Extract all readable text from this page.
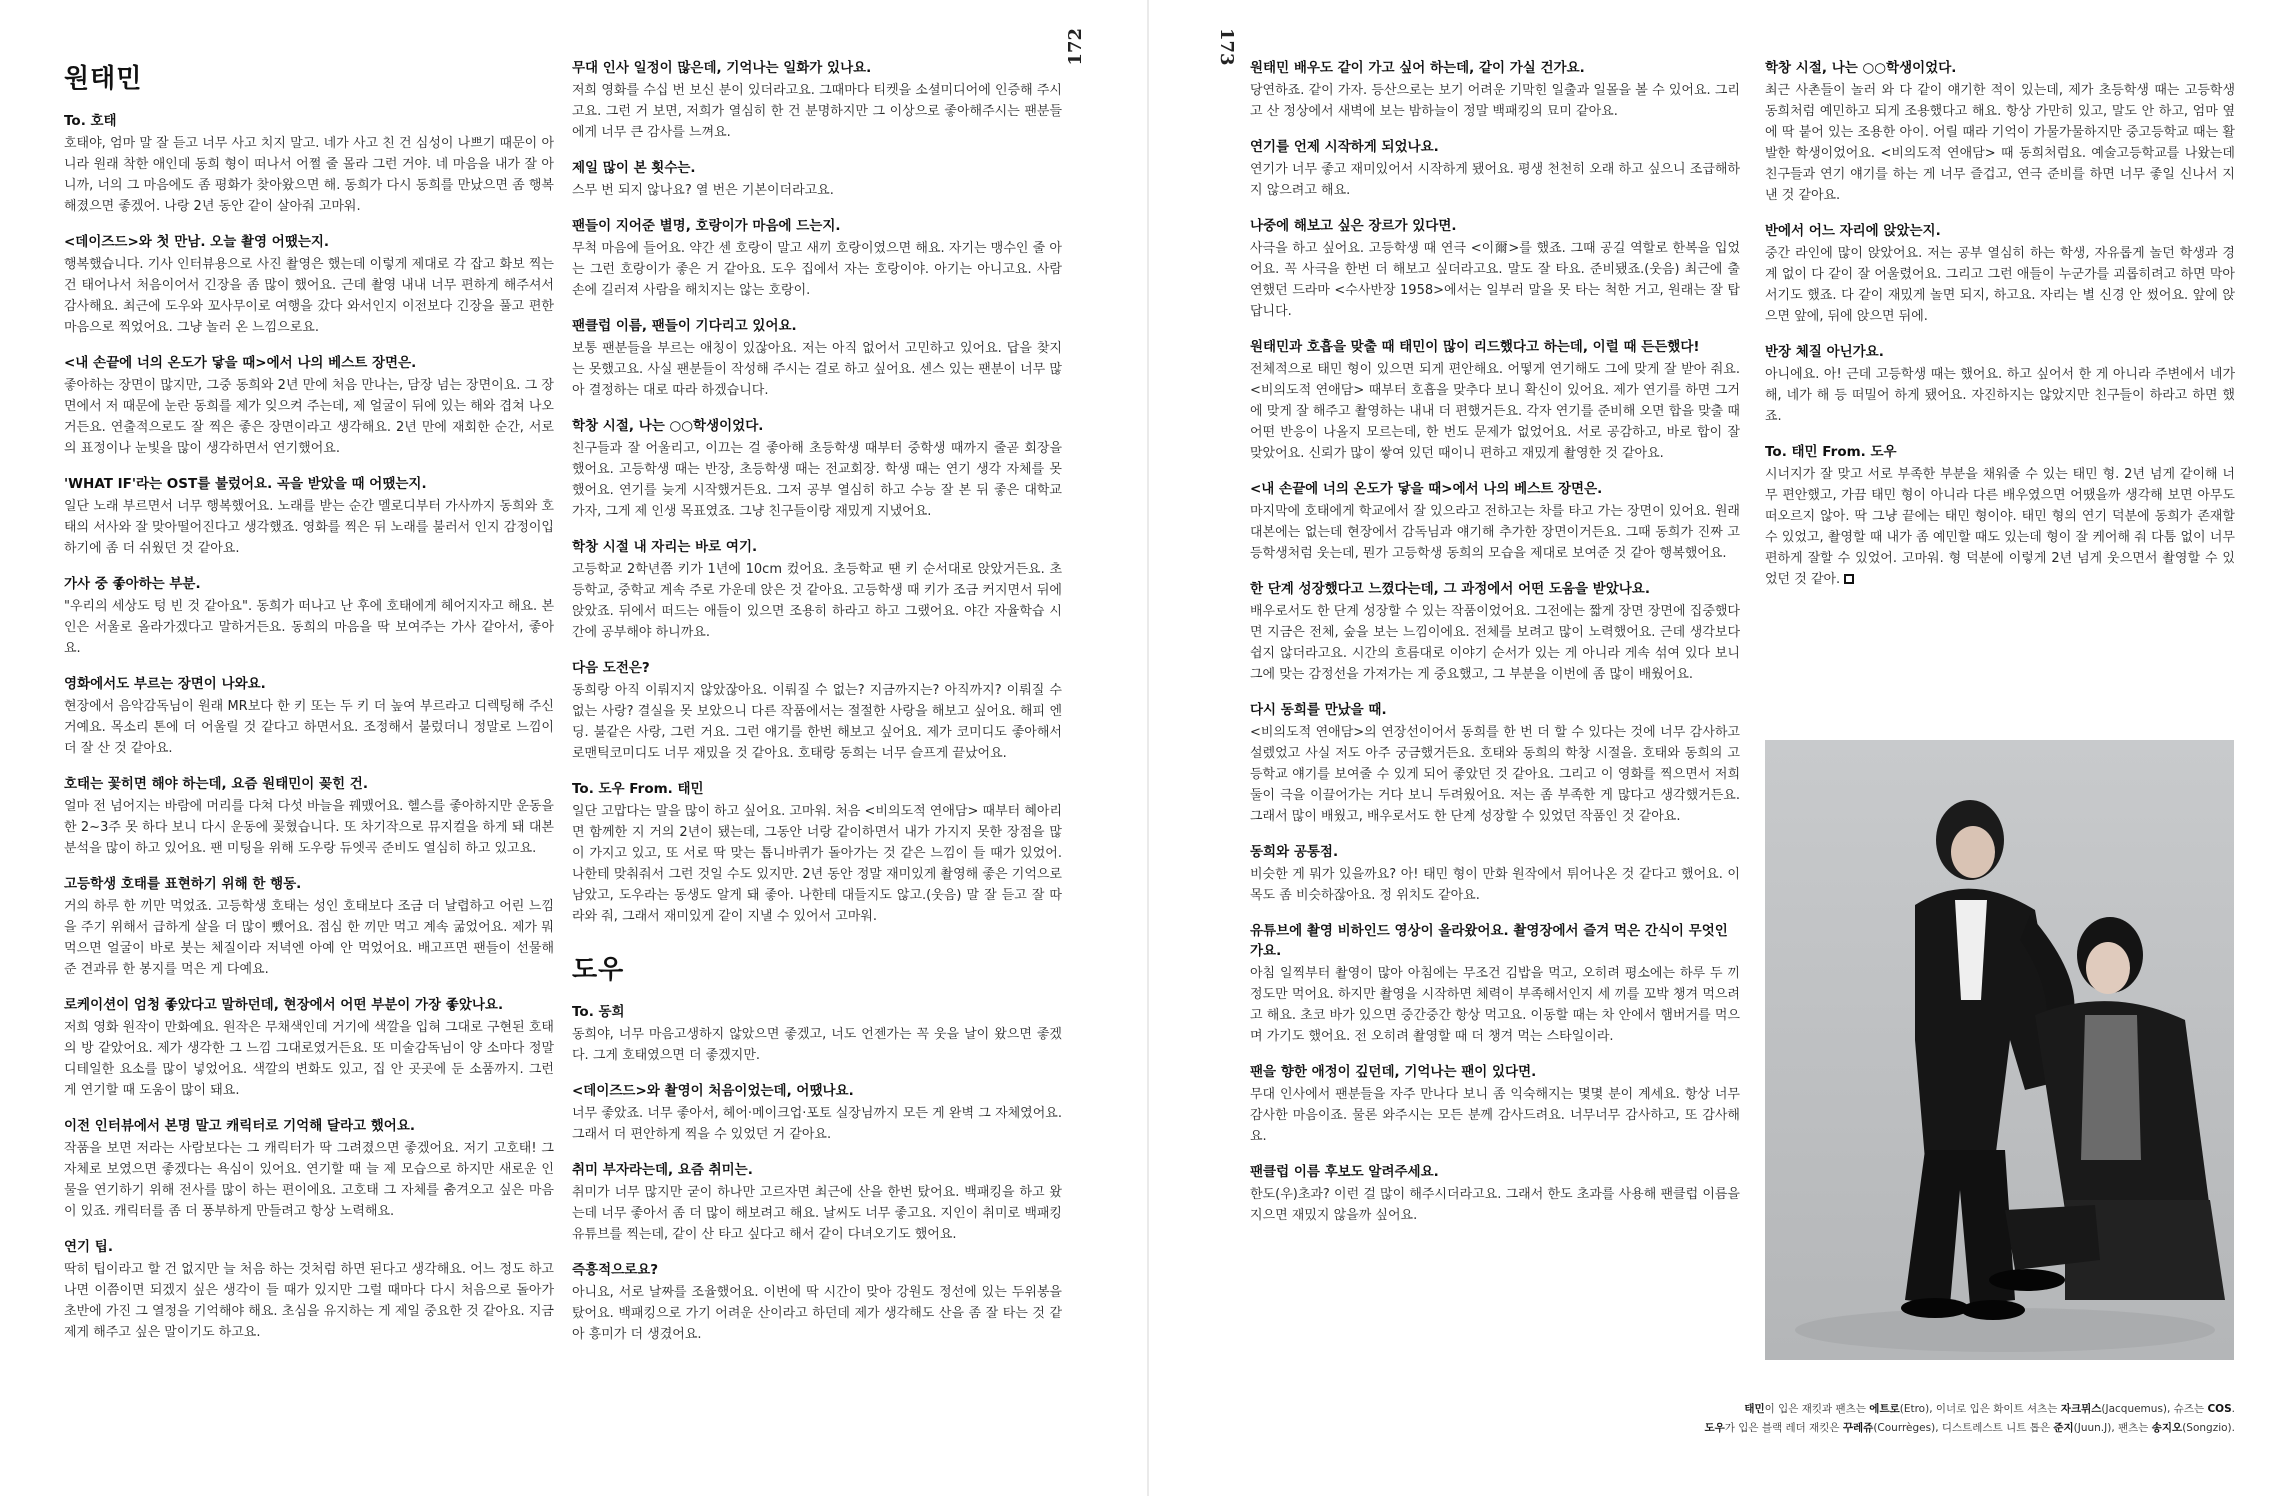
172	173
원태민
To. 호태
호태야, 엄마 말 잘 듣고 너무 사고 치지 말고. 네가 사고 친 건 심성이 나쁘기 때문이 아니라 원래 착한 애인데 동희 형이 떠나서 어쩔 줄 몰라 그런 거야. 네 마음을 내가 잘 아니까, 너의 그 마음에도 좀 평화가 찾아왔으면 해. 동희가 다시 동희를 만났으면 좀 행복해졌으면 좋겠어. 나랑 2년 동안 같이 살아줘 고마워.
<데이즈드>와 첫 만남. 오늘 촬영 어땠는지.
행복했습니다. 기사 인터뷰용으로 사진 촬영은 했는데 이렇게 제대로 각 잡고 화보 찍는 건 태어나서 처음이어서 긴장을 좀 많이 했어요. 근데 촬영 내내 너무 편하게 해주셔서 감사해요. 최근에 도우와 꼬사무이로 여행을 갔다 와서인지 이전보다 긴장을 풀고 편한 마음으로 찍었어요. 그냥 놀러 온 느낌으로요.
<내 손끝에 너의 온도가 닿을 때>에서 나의 베스트 장면은.
좋아하는 장면이 많지만, 그중 동희와 2년 만에 처음 만나는, 담장 넘는 장면이요. 그 장면에서 저 때문에 눈란 동희를 제가 잊으켜 주는데, 제 얼굴이 뒤에 있는 해와 겹쳐 나오거든요. 연출적으로도 잘 찍은 좋은 장면이라고 생각해요. 2년 만에 재회한 순간, 서로의 표정이나 눈빛을 많이 생각하면서 연기했어요.
'WHAT IF'라는 OST를 불렀어요. 곡을 받았을 때 어땠는지.
일단 노래 부르면서 너무 행복했어요. 노래를 받는 순간 멜로디부터 가사까지 동희와 호태의 서사와 잘 맞아떨어진다고 생각했죠. 영화를 찍은 뒤 노래를 불러서 인지 감정이입하기에 좀 더 쉬웠던 것 같아요.
가사 중 좋아하는 부분.
"우리의 세상도 텅 빈 것 같아요". 동희가 떠나고 난 후에 호태에게 헤어지자고 해요. 본인은 서울로 올라가겠다고 말하거든요. 동희의 마음을 딱 보여주는 가사 같아서, 좋아요.
영화에서도 부르는 장면이 나와요.
현장에서 음악감독님이 원래 MR보다 한 키 또는 두 키 더 높여 부르라고 디렉팅해 주신 거예요. 목소리 톤에 더 어울릴 것 같다고 하면서요. 조정해서 불렀더니 정말로 느낌이 더 잘 산 것 같아요.
호태는 꽃히면 해야 하는데, 요즘 원태민이 꽂힌 건.
얼마 전 넘어지는 바람에 머리를 다쳐 다섯 바늘을 꿰맸어요. 헬스를 좋아하지만 운동을 한 2~3주 못 하다 보니 다시 운동에 꽂혔습니다. 또 차기작으로 뮤지컬을 하게 돼 대본 분석을 많이 하고 있어요. 팬 미팅을 위해 도우랑 듀엣곡 준비도 열심히 하고 있고요.
고등학생 호태를 표현하기 위해 한 행동.
거의 하루 한 끼만 먹었죠. 고등학생 호태는 성인 호태보다 조금 더 날렵하고 어린 느낌을 주기 위해서 급하게 살을 더 많이 뺐어요. 점심 한 끼만 먹고 계속 굶었어요. 제가 뭐 먹으면 얼굴이 바로 붓는 체질이라 저녁엔 아예 안 먹었어요. 배고프면 팬들이 선물해 준 견과류 한 봉지를 먹은 게 다예요.
로케이션이 엄청 좋았다고 말하던데, 현장에서 어떤 부분이 가장 좋았나요.
저희 영화 원작이 만화예요. 원작은 무채색인데 거기에 색깔을 입혀 그대로 구현된 호태의 방 같았어요. 제가 생각한 그 느낌 그대로였거든요. 또 미술감독님이 양 소마다 정말 디테일한 요소를 많이 넣었어요. 색깔의 변화도 있고, 집 안 곳곳에 둔 소품까지. 그런 게 연기할 때 도움이 많이 돼요.
이전 인터뷰에서 본명 말고 캐릭터로 기억해 달라고 했어요.
작품을 보면 저라는 사람보다는 그 캐릭터가 딱 그려졌으면 좋겠어요. 저기 고호태! 그 자체로 보였으면 좋겠다는 욕심이 있어요. 연기할 때 늘 제 모습으로 하지만 새로운 인물을 연기하기 위해 전사를 많이 하는 편이에요. 고호태 그 자체를 춤겨오고 싶은 마음이 있죠. 캐릭터를 좀 더 풍부하게 만들려고 항상 노력해요.
연기 팁.
딱히 팁이라고 할 건 없지만 늘 처음 하는 것처럼 하면 된다고 생각해요. 어느 정도 하고 나면 이쯤이면 되겠지 싶은 생각이 들 때가 있지만 그럴 때마다 다시 처음으로 돌아가 초반에 가진 그 열정을 기억해야 해요. 초심을 유지하는 게 제일 중요한 것 같아요. 지금 제게 해주고 싶은 말이기도 하고요.
무대 인사 일정이 많은데, 기억나는 일화가 있나요.
저희 영화를 수십 번 보신 분이 있더라고요. 그때마다 티켓을 소셜미디어에 인증해 주시고요. 그런 거 보면, 저희가 열심히 한 건 분명하지만 그 이상으로 좋아해주시는 팬분들에게 너무 큰 감사를 느껴요.
제일 많이 본 횟수는.
스무 번 되지 않나요? 열 번은 기본이더라고요.
팬들이 지어준 별명, 호랑이가 마음에 드는지.
무척 마음에 들어요. 약간 센 호랑이 말고 새끼 호랑이였으면 해요. 자기는 맹수인 줄 아는 그런 호랑이가 좋은 거 같아요. 도우 집에서 자는 호랑이야. 아기는 아니고요. 사람 손에 길러져 사람을 해치지는 않는 호랑이.
팬클럽 이름, 팬들이 기다리고 있어요.
보통 팬분들을 부르는 애칭이 있잖아요. 저는 아직 없어서 고민하고 있어요. 답을 찾지는 못했고요. 사실 팬분들이 작성해 주시는 걸로 하고 싶어요. 센스 있는 팬분이 너무 많아 결정하는 대로 따라 하겠습니다.
학창 시절, 나는 ○○학생이었다.
친구들과 잘 어울리고, 이끄는 걸 좋아해 초등학생 때부터 중학생 때까지 줄곧 회장을 했어요. 고등학생 때는 반장, 초등학생 때는 전교회장. 학생 때는 연기 생각 자체를 못 했어요. 연기를 늦게 시작했거든요. 그저 공부 열심히 하고 수능 잘 본 뒤 좋은 대학교 가자, 그게 제 인생 목표였죠. 그냥 친구들이랑 재밌게 지냈어요.
학창 시절 내 자리는 바로 여기.
고등학교 2학년쯤 키가 1년에 10cm 컸어요. 초등학교 땐 키 순서대로 앉았거든요. 초등학교, 중학교 계속 주로 가운데 앉은 것 같아요. 고등학생 때 키가 조금 커지면서 뒤에 앉았죠. 뒤에서 떠드는 애들이 있으면 조용히 하라고 하고 그랬어요. 야간 자율학습 시간에 공부해야 하니까요.
다음 도전은?
동희랑 아직 이뤄지지 않았잖아요. 이뤄질 수 없는? 지금까지는? 아직까지? 이뤄질 수 없는 사랑? 결실을 못 보았으니 다른 작품에서는 절절한 사랑을 해보고 싶어요. 해피 엔딩. 불같은 사랑, 그런 거요. 그런 얘기를 한번 해보고 싶어요. 제가 코미디도 좋아해서 로맨틱코미디도 너무 재밌을 것 같아요. 호태랑 동희는 너무 슬프게 끝났어요.
To. 도우 From. 태민
일단 고맙다는 말을 많이 하고 싶어요. 고마워. 처음 <비의도적 연애담> 때부터 혜아리면 함께한 지 거의 2년이 됐는데, 그동안 너랑 같이하면서 내가 가지지 못한 장점을 많이 가지고 있고, 또 서로 딱 맞는 톱니바퀴가 돌아가는 것 같은 느낌이 들 때가 있었어. 나한테 맞춰줘서 그런 것일 수도 있지만. 2년 동안 정말 재미있게 촬영해 좋은 기억으로 남았고, 도우라는 동생도 알게 돼 좋아. 나한테 대들지도 않고.(웃음) 말 잘 듣고 잘 따라와 줘, 그래서 재미있게 같이 지낼 수 있어서 고마워.
도우
To. 동희
동희야, 너무 마음고생하지 않았으면 좋겠고, 너도 언젠가는 꼭 웃을 날이 왔으면 좋겠다. 그게 호태였으면 더 좋겠지만.
<데이즈드>와 촬영이 처음이었는데, 어땠나요.
너무 좋았죠. 너무 좋아서, 헤어·메이크업·포토 실장님까지 모든 게 완벽 그 자체였어요. 그래서 더 편안하게 찍을 수 있었던 거 같아요.
취미 부자라는데, 요즘 취미는.
취미가 너무 많지만 굳이 하나만 고르자면 최근에 산을 한번 탔어요. 백패킹을 하고 왔는데 너무 좋아서 좀 더 많이 해보려고 해요. 날씨도 너무 좋고요. 지인이 취미로 백패킹 유튜브를 찍는데, 같이 산 타고 싶다고 해서 같이 다녀오기도 했어요.
즉흥적으로요?
아니요, 서로 날짜를 조율했어요. 이번에 딱 시간이 맞아 강원도 정선에 있는 두위봉을 탔어요. 백패킹으로 가기 어려운 산이라고 하던데 제가 생각해도 산을 좀 잘 타는 것 같아 흥미가 더 생겼어요.
원태민 배우도 같이 가고 싶어 하는데, 같이 가실 건가요.
당연하죠. 같이 가자. 등산으로는 보기 어려운 기막힌 일출과 일몰을 볼 수 있어요. 그리고 산 정상에서 새벽에 보는 밤하늘이 정말 백패킹의 묘미 같아요.
연기를 언제 시작하게 되었나요.
연기가 너무 좋고 재미있어서 시작하게 됐어요. 평생 천천히 오래 하고 싶으니 조급해하지 않으려고 해요.
나중에 해보고 싶은 장르가 있다면.
사극을 하고 싶어요. 고등학생 때 연극 <이爾>를 했죠. 그때 공길 역할로 한복을 입었어요. 꼭 사극을 한번 더 해보고 싶더라고요. 말도 잘 타요. 준비됐죠.(웃음) 최근에 출연했던 드라마 <수사반장 1958>에서는 일부러 말을 못 타는 척한 거고, 원래는 잘 탑답니다.
원태민과 호흡을 맞출 때 태민이 많이 리드했다고 하는데, 이럴 때 든든했다!
전체적으로 태민 형이 있으면 되게 편안해요. 어떻게 연기해도 그에 맞게 잘 받아 줘요. <비의도적 연애담> 때부터 호흡을 맞추다 보니 확신이 있어요. 제가 연기를 하면 그거에 맞게 잘 해주고 촬영하는 내내 더 편했거든요. 각자 연기를 준비해 오면 합을 맞출 때 어떤 반응이 나올지 모르는데, 한 번도 문제가 없었어요. 서로 공감하고, 바로 합이 잘 맞았어요. 신뢰가 많이 쌓여 있던 때이니 편하고 재밌게 촬영한 것 같아요.
<내 손끝에 너의 온도가 닿을 때>에서 나의 베스트 장면은.
마지막에 호태에게 학교에서 잘 있으라고 전하고는 차를 타고 가는 장면이 있어요. 원래 대본에는 없는데 현장에서 감독님과 얘기해 추가한 장면이거든요. 그때 동희가 진짜 고등학생처럼 웃는데, 뭔가 고등학생 동희의 모습을 제대로 보여준 것 같아 행복했어요.
한 단계 성장했다고 느꼈다는데, 그 과정에서 어떤 도움을 받았나요.
배우로서도 한 단계 성장할 수 있는 작품이었어요. 그전에는 짧게 장면 장면에 집중했다면 지금은 전체, 숲을 보는 느낌이에요. 전체를 보려고 많이 노력했어요. 근데 생각보다 쉽지 않더라고요. 시간의 흐름대로 이야기 순서가 있는 게 아니라 게속 섞여 있다 보니 그에 맞는 감정선을 가져가는 게 중요했고, 그 부분을 이번에 좀 많이 배웠어요.
다시 동희를 만났을 때.
<비의도적 연애담>의 연장선이어서 동희를 한 번 더 할 수 있다는 것에 너무 감사하고 설렜었고 사실 저도 아주 궁금했거든요. 호태와 동희의 학창 시절을. 호태와 동희의 고등학교 얘기를 보여줄 수 있게 되어 좋았던 것 같아요. 그리고 이 영화를 찍으면서 저희 둘이 극을 이끌어가는 거다 보니 두려웠어요. 저는 좀 부족한 게 많다고 생각했거든요. 그래서 많이 배웠고, 배우로서도 한 단계 성장할 수 있었던 작품인 것 같아요.
동희와 공통점.
비슷한 게 뭐가 있을까요? 아! 태민 형이 만화 원작에서 튀어나온 것 같다고 했어요. 이목도 좀 비슷하잖아요. 정 위치도 같아요.
유튜브에 촬영 비하인드 영상이 올라왔어요. 촬영장에서 즐겨 먹은 간식이 무엇인가요.
아침 일찍부터 촬영이 많아 아침에는 무조건 김밥을 먹고, 오히려 평소에는 하루 두 끼 정도만 먹어요. 하지만 촬영을 시작하면 체력이 부족해서인지 세 끼를 꼬박 챙겨 먹으려고 해요. 초코 바가 있으면 중간중간 항상 먹고요. 이동할 때는 차 안에서 햄버거를 먹으며 가기도 했어요. 전 오히려 촬영할 때 더 챙겨 먹는 스타일이라.
팬을 향한 애정이 깊던데, 기억나는 팬이 있다면.
무대 인사에서 팬분들을 자주 만나다 보니 좀 익숙해지는 몇몇 분이 계세요. 항상 너무 감사한 마음이죠. 물론 와주시는 모든 분께 감사드려요. 너무너무 감사하고, 또 감사해요.
팬클럽 이름 후보도 알려주세요.
한도(우)초과? 이런 걸 많이 해주시더라고요. 그래서 한도 초과를 사용해 팬클럽 이름을 지으면 재밌지 않을까 싶어요.
학창 시절, 나는 ○○학생이었다.
최근 사촌들이 놀러 와 다 같이 얘기한 적이 있는데, 제가 초등학생 때는 고등학생 동희처럼 예민하고 되게 조용했다고 해요. 항상 가만히 있고, 말도 안 하고, 엄마 옆에 딱 붙어 있는 조용한 아이. 어릴 때라 기억이 가물가물하지만 중고등학교 때는 활발한 학생이었어요. <비의도적 연애담> 때 동희처럼요. 예술고등학교를 나왔는데 친구들과 연기 얘기를 하는 게 너무 즐겁고, 연극 준비를 하면 너무 좋일 신나서 지낸 것 같아요.
반에서 어느 자리에 앉았는지.
중간 라인에 많이 앉았어요. 저는 공부 열심히 하는 학생, 자유롭게 놀던 학생과 경계 없이 다 같이 잘 어울렸어요. 그리고 그런 애들이 누군가를 괴롭히려고 하면 막아서기도 했죠. 다 같이 재밌게 놀면 되지, 하고요. 자리는 별 신경 안 썼어요. 앞에 앉으면 앞에, 뒤에 앉으면 뒤에.
반장 체질 아닌가요.
아니에요. 아! 근데 고등학생 때는 했어요. 하고 싶어서 한 게 아니라 주변에서 네가 해, 네가 해 등 떠밀어 하게 됐어요. 자진하지는 않았지만 친구들이 하라고 하면 했죠.
To. 태민 From. 도우
시너지가 잘 맞고 서로 부족한 부분을 채워줄 수 있는 태민 형. 2년 넘게 같이해 너무 편안했고, 가끔 태민 형이 아니라 다른 배우였으면 어땠을까 생각해 보면 아무도 떠오르지 않아. 딱 그냥 끝에는 태민 형이야. 태민 형의 연기 덕분에 동희가 존재할 수 있었고, 촬영할 때 내가 좀 예민할 때도 있는데 형이 잘 케어해 줘 다툼 없이 너무 편하게 잘할 수 있었어. 고마워. 형 덕분에 이렇게 2년 넘게 웃으면서 촬영할 수 있었던 것 같아.
태민이 입은 재킷과 팬츠는 에트로(Etro), 이너로 입은 화이트 셔츠는 자크뮈스(Jacquemus), 슈즈는 COS.
도우가 입은 블랙 레더 재킷은 꾸레쥬(Courrèges), 디스트레스트 니트 톱은 준지(Juun.J), 팬츠는 송지오(Songzio).
